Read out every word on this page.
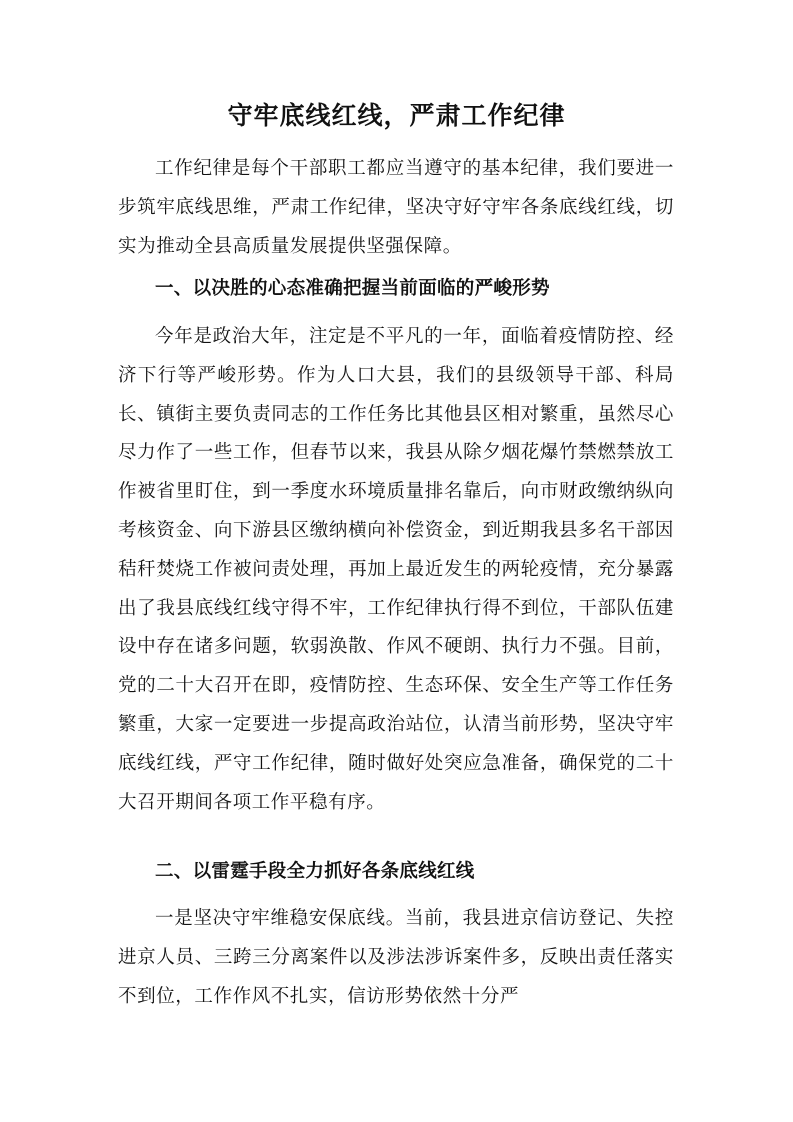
守牢底线红线，严肃工作纪律
工作纪律是每个干部职工都应当遵守的基本纪律，我们要进一步筑牢底线思维，严肃工作纪律，坚决守好守牢各条底线红线，切实为推动全县高质量发展提供坚强保障。
一、以决胜的心态准确把握当前面临的严峻形势
今年是政治大年，注定是不平凡的一年，面临着疫情防控、经济下行等严峻形势。作为人口大县，我们的县级领导干部、科局长、镇街主要负责同志的工作任务比其他县区相对繁重，虽然尽心尽力作了一些工作，但春节以来，我县从除夕烟花爆竹禁燃禁放工作被省里盯住，到一季度水环境质量排名靠后，向市财政缴纳纵向考核资金、向下游县区缴纳横向补偿资金，到近期我县多名干部因秸秆焚烧工作被问责处理，再加上最近发生的两轮疫情，充分暴露出了我县底线红线守得不牢，工作纪律执行得不到位，干部队伍建设中存在诸多问题，软弱涣散、作风不硬朗、执行力不强。目前，党的二十大召开在即，疫情防控、生态环保、安全生产等工作任务繁重，大家一定要进一步提高政治站位，认清当前形势，坚决守牢底线红线，严守工作纪律，随时做好处突应急准备，确保党的二十大召开期间各项工作平稳有序。
二、以雷霆手段全力抓好各条底线红线
一是坚决守牢维稳安保底线。当前，我县进京信访登记、失控进京人员、三跨三分离案件以及涉法涉诉案件多，反映出责任落实不到位，工作作风不扎实，信访形势依然十分严
